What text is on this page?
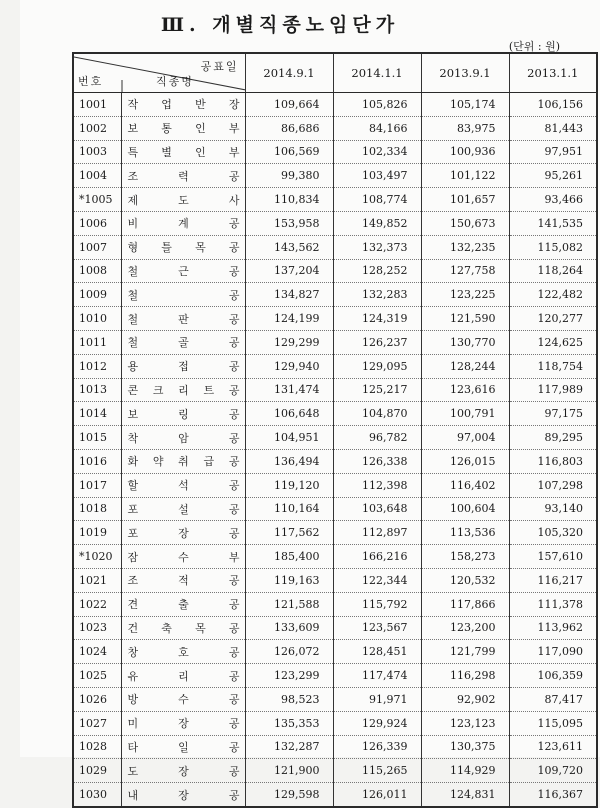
Ⅲ. 개별직종노임단가
(단위 : 원)
공표일
번호 직종명		2014.9.1	2014.1.1	2013.9.1	2013.1.1
1001	작 업 반 장	109,664	105,826	105,174	106,156
1002	보 통 인 부	86,686	84,166	83,975	81,443
1003	특 별 인 부	106,569	102,334	100,936	97,951
1004	조 력 공	99,380	103,497	101,122	95,261
*1005	제 도 사	110,834	108,774	101,657	93,466
1006	비 계 공	153,958	149,852	150,673	141,535
1007	형 틀 목 공	143,562	132,373	132,235	115,082
1008	철 근 공	137,204	128,252	127,758	118,264
1009	철 공	134,827	132,283	123,225	122,482
1010	철 판 공	124,199	124,319	121,590	120,277
1011	철 골 공	129,299	126,237	130,770	124,625
1012	용 접 공	129,940	129,095	128,244	118,754
1013	콘 크 리 트 공	131,474	125,217	123,616	117,989
1014	보 링 공	106,648	104,870	100,791	97,175
1015	착 암 공	104,951	96,782	97,004	89,295
1016	화 약 취 급 공	136,494	126,338	126,015	116,803
1017	할 석 공	119,120	112,398	116,402	107,298
1018	포 설 공	110,164	103,648	100,604	93,140
1019	포 장 공	117,562	112,897	113,536	105,320
*1020	잠 수 부	185,400	166,216	158,273	157,610
1021	조 적 공	119,163	122,344	120,532	116,217
1022	견 출 공	121,588	115,792	117,866	111,378
1023	건 축 목 공	133,609	123,567	123,200	113,962
1024	창 호 공	126,072	128,451	121,799	117,090
1025	유 리 공	123,299	117,474	116,298	106,359
1026	방 수 공	98,523	91,971	92,902	87,417
1027	미 장 공	135,353	129,924	123,123	115,095
1028	타 일 공	132,287	126,339	130,375	123,611
1029	도 장 공	121,900	115,265	114,929	109,720
1030	내 장 공	129,598	126,011	124,831	116,367
